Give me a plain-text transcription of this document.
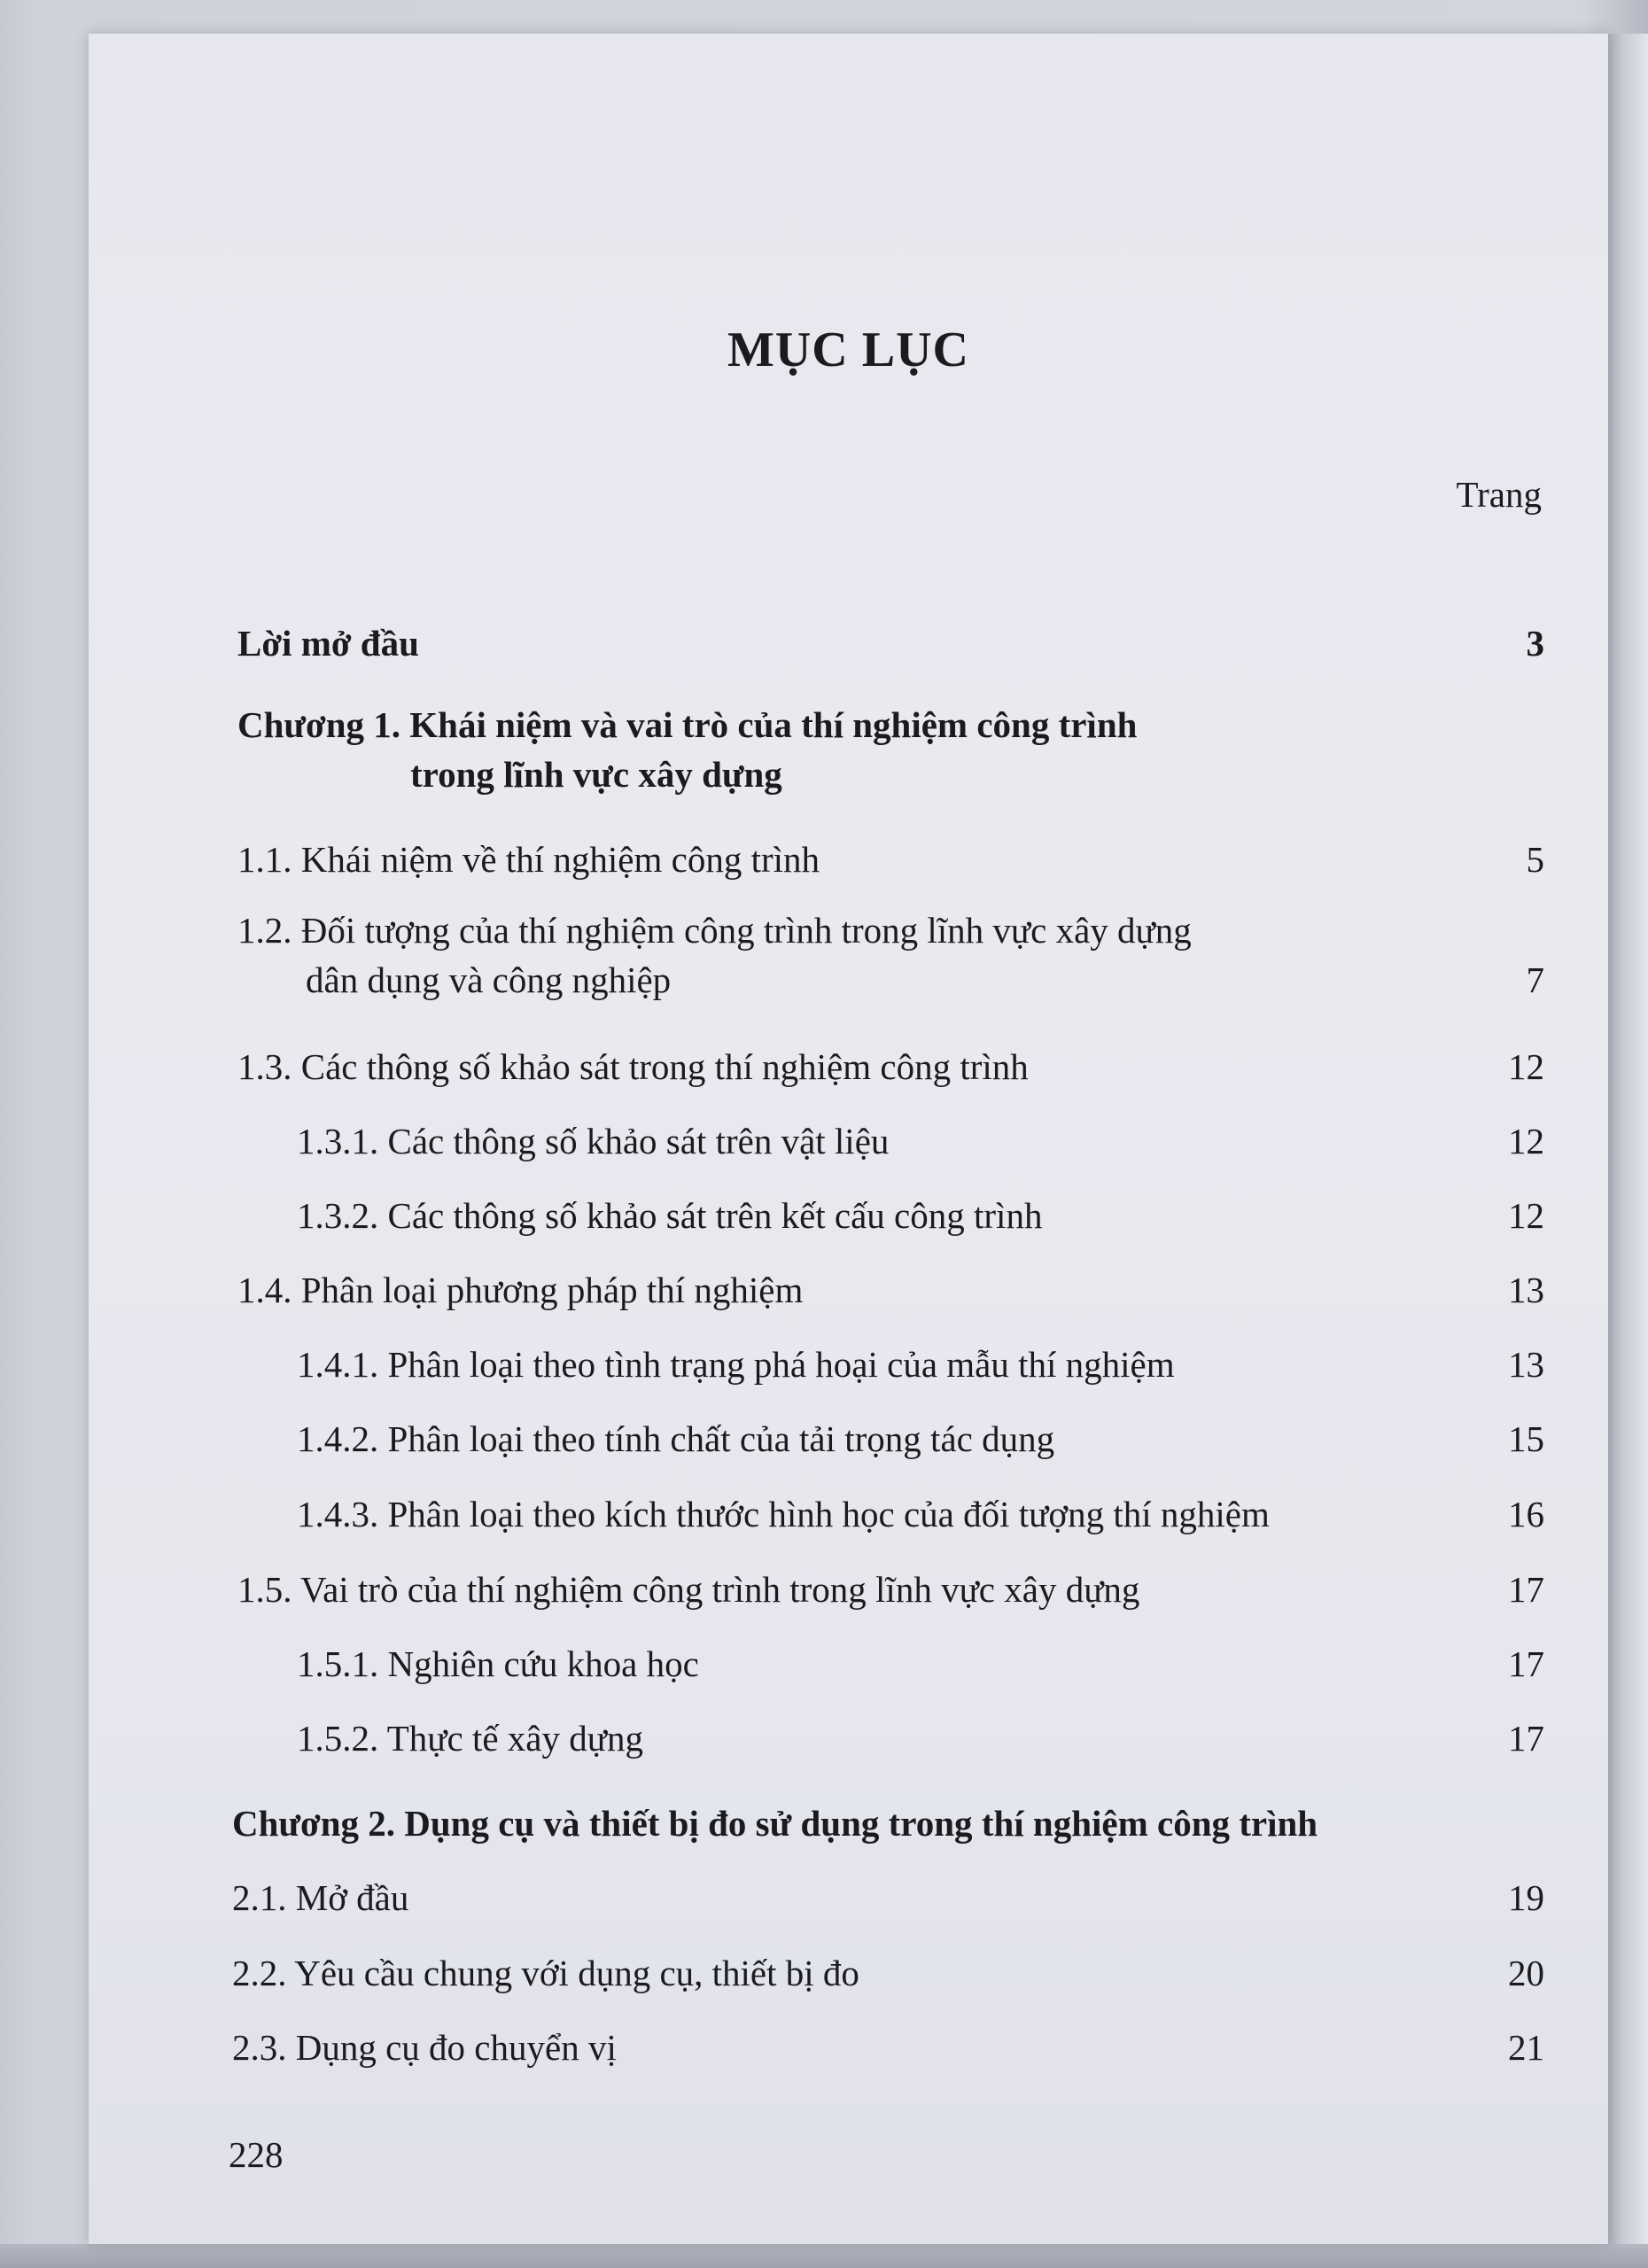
MỤC LỤC
Trang
Lời mở đầu	3
Chương 1. Khái niệm và vai trò của thí nghiệm công trình
trong lĩnh vực xây dựng
1.1. Khái niệm về thí nghiệm công trình	5
1.2. Đối tượng của thí nghiệm công trình trong lĩnh vực xây dựng
dân dụng và công nghiệp	7
1.3. Các thông số khảo sát trong thí nghiệm công trình	12
1.3.1. Các thông số khảo sát trên vật liệu	12
1.3.2. Các thông số khảo sát trên kết cấu công trình	12
1.4. Phân loại phương pháp thí nghiệm	13
1.4.1. Phân loại theo tình trạng phá hoại của mẫu thí nghiệm	13
1.4.2. Phân loại theo tính chất của tải trọng tác dụng	15
1.4.3. Phân loại theo kích thước hình học của đối tượng thí nghiệm	16
1.5. Vai trò của thí nghiệm công trình trong lĩnh vực xây dựng	17
1.5.1. Nghiên cứu khoa học	17
1.5.2. Thực tế xây dựng	17
Chương 2. Dụng cụ và thiết bị đo sử dụng trong thí nghiệm công trình
2.1. Mở đầu	19
2.2. Yêu cầu chung với dụng cụ, thiết bị đo	20
2.3. Dụng cụ đo chuyển vị	21
228
